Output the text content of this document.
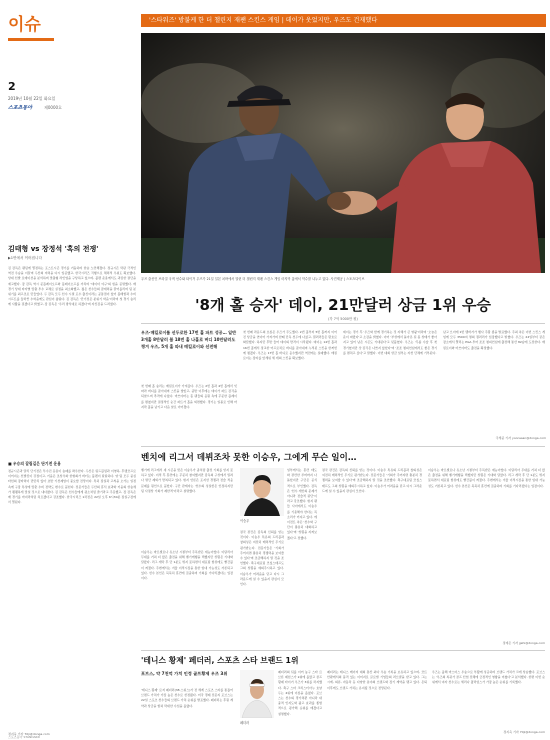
이슈
2
2019년 10월 22일 화요일
스포츠동아	제0000호
'스타워즈' 방불케 한 더 챌린지 재팬 스킨스 게임 | 데이가 웃었지만, 우즈도 건재했다
우즈 출신인 브라질 국적 선수와 타이거 우즈가 21일 일본 치바에서 열린 더 챌린지 재팬 스킨스 게임 마지막 홀에서 악수를 나누고 있다. 사진제공 | 스포츠다이브
김태형 vs 장정석 '혹의 전쟁'
▶1면에서 이어집니다
김 감독은 팬덤에 열정하는 포스트시즌 경기를 거듭하며 한층 노련해졌다. 정규시즌 막판 극적인 역전 우승을 이끌며 두산의 저력을 다시 입증했고, 한국시리즈 직행으로 체력적 우위도 확보했다. 상대 선발 로테이션을 분석하며 맞춤형 라인업을 구상하고 있으며, 불펜 운용에서도 과감한 결단을 예고했다. 장 감독 역시 준플레이오프와 플레이오프를 거치며 '데이터 야구'의 힘을 증명했다. 매 경기 상대 타자별 맞춤 투수 교체로 실점을 최소화했고, 젊은 선수들의 잠재력을 끌어올리며 팀 분위기를 최고조로 만들었다. 두 감독 모두 선수 시절 포수 출신이라는 공통점이 있어 볼배합과 수비 시프트를 둘러싼 수싸움에도 관심이 쏠린다. 김 감독은 '단기전은 분위기 싸움'이라며 첫 경기 승리에 사활을 걸겠다고 밝혔고, 장 감독은 '우리 방식대로 하겠다'며 자신감을 드러냈다.
■ 우승의 갈림길은 단기전 운용
정규시즌과 달리 단기전은 투수진 운용이 승패를 좌우한다. 두산은 린드블럼과 이영하, 후랭코프로 이어지는 선발진이 강점이고, 키움은 조상우와 한현희가 버티는 불펜이 탄탄하다. 양 팀 모두 중심타선의 장타력이 만만치 않아 초반 기선제압이 중요할 전망이다. 특히 잠실과 고척을 오가는 일정 속에 구장 특성에 맞춘 수비 전략도 변수로 꼽힌다. 전문가들은 두산의 휴식 효과와 키움의 상승세가 팽팽하게 맞설 것으로 내다봤다. 김 감독은 선수들에게 평소처럼 즐기라고 주문했고, 장 감독은 매 경기를 마지막처럼 치르겠다고 강조했다. 한국시리즈 1차전은 22일 오후 6시30분 잠실구장에서 열린다.
정지욱 기자 70ji@donga.com
'8개 홀 승자' 데이, 21만달러 상금 1위 우승
(각 7억 5000만 원)
우즈·매킬로이를 선두로한 17번 홀 파트 성공… 일반 3개홀 8만달러 불 18번 홀 나홀로 버디 10만달러도 챙겨 우즈, 5개 홀 따내 매킬로이와 선전해
첫 번째 홀 승리는 매킬로이가 가져갔다. 우즈는 2번 홀과 4번 홀에서 잇따라 버디를 잡아내며 스킨을 쌓았고, 중반 이후에는 데이가 퍼트 감각을 되찾으며 추격에 나섰다. 마쓰야마는 홈 팬들의 응원 속에 꾸준한 플레이를 펼쳤지만 결정적인 순간 퍼트가 홀을 외면했다. 경기는 일몰로 인해 마지막 홀을 남기고 다음 날로 이어졌다.
첫 번째 라운드의 흐름은 우즈가 주도했다. 2번 홀부터 5번 홀까지 이어진 상금을 연이어 가져가며 한때 단독 선두에 나섰고, 갤러리들은 환호로 화답했다. 하지만 후반 들어 데이의 반격이 시작됐다. 데이는 14번 홀과 16번 홀에서 정교한 어프로치로 버디를 잡아내며 누적된 스킨을 한꺼번에 챙겼다. 우즈는 17번 홀 버디로 응수했지만 역전에는 실패했다. 매킬로이는 장타를 앞세워 세 개의 스킨을 확보했다.
데이는 경기 후 '우즈와 함께 경기하는 것 자체가 큰 영광'이라며 '오늘은 운이 따랐다'고 소감을 밝혔다. 이어 '부상에서 돌아온 뒤 몸 상태가 좋아지고 있어 남은 시즌도 기대된다'고 덧붙였다. 우즈는 '무릎 수술 후 첫 경기였지만 샷 감각은 나쁘지 않았다'며 '조조 챔피언십에서도 좋은 경기를 펼치고 싶다'고 말했다. 이번 대회 상금 일부는 자선 단체에 기부된다.
남고 브이에 1번 멤버거가 행사 주황 종을 발표했다. 주최 측은 이번 스킨스 게임에 모두 3500여 명의 갤러리가 입장했다고 밝혔다. 우즈는 24일부터 같은 장소에서 열리는 PGA 투어 조조 챔피언십에 출전해 통산 82승에 도전한다. 매킬로이와 마쓰야마도 출전을 확정했다.
국세중 기자 yoonssan@donga.com
벤치에 리그서 데뷔조차 못한 이승우, 그에게 무슨 일이…
벨기에 리그에서 새 시즌을 맞은 이승우가 좀처럼 출전 기회를 얻지 못하고 있다. 이적 후 훈련에는 꾸준히 참여했지만 감독의 구상에서 밀려나 명단 제외가 반복되고 있다. 현지 언론은 포지션 경쟁과 전술 적응 문제를 원인으로 꼽았다. 구단 관계자는 '선수의 성실함은 인정하지만 팀 사정상 기회가 제한적'이라고 설명했다.
이승우는 바르셀로나 유소년 시절부터 주목받은 재능이었다. 이탈리아 무대를 거쳐 더 많은 출전을 위해 벨기에행을 택했지만 상황은 기대와 달랐다. 리그 개막 후 단 1분도 뛰지 못하면서 대표팀 합류에도 빨간불이 켜졌다. 주변에서는 겨울 이적시장을 통한 임대 가능성도 거론되고 있다. 선수 본인은 묵묵히 훈련에 집중하며 기회를 기다리겠다는 입장이다.
이승우
일부에서는 훈련 태도와 관련한 루머까지 나돌았지만 구단은 공식적으로 부인했다. 감독은 '선수 개인의 문제가 아니라 전술적 판단'이라고 강조했다. 현지 팬들 사이에서도 이승우를 기용해야 한다는 목소리가 커지고 있다. 에이전트 측은 '선수와 구단이 충분히 대화하고 있다'며 '상황을 지켜보겠다'고 전했다.
결국 관건은 감독의 신뢰를 얻는 것이다. 이승우 특유의 드리블과 창의성은 여전히 매력적인 무기로 평가받는다. 전문가들은 '기회가 주어지면 충분히 경쟁력을 보여줄 수 있다'며 조급해하지 말 것을 조언했다. 축구대표팀 코칭스태프도 그의 상황을 예의주시하고 있다. 이승우가 어려움을 딛고 다시 그라운드에 설 수 있을지 관심이 모인다.
결국 관건은 감독의 신뢰를 얻는 것이다. 이승우 특유의 드리블과 창의성은 여전히 매력적인 무기로 평가받는다. 전문가들은 '기회가 주어지면 충분히 경쟁력을 보여줄 수 있다'며 조급해하지 말 것을 조언했다. 축구대표팀 코칭스태프도 그의 상황을 예의주시하고 있다. 이승우가 어려움을 딛고 다시 그라운드에 설 수 있을지 관심이 모인다.
이승우는 바르셀로나 유소년 시절부터 주목받은 재능이었다. 이탈리아 무대를 거쳐 더 많은 출전을 위해 벨기에행을 택했지만 상황은 기대와 달랐다. 리그 개막 후 단 1분도 뛰지 못하면서 대표팀 합류에도 빨간불이 켜졌다. 주변에서는 겨울 이적시장을 통한 임대 가능성도 거론되고 있다. 선수 본인은 묵묵히 훈련에 집중하며 기회를 기다리겠다는 입장이다.
정재은 기자 jjehi@donga.com
'테니스 황제' 페더러, 스포츠 스타 브랜드 1위
포브스, 약 7천억 가치 인정 골프황제 우즈 3위
'테니스 황제' 로저 페더러(38·스위스)가 전 세계 스포츠 스타를 통틀어 브랜드 가치가 가장 높은 선수로 선정됐다. 미국 경제 전문지 포브스는 22일 스포츠 선수들의 브랜드 가치 순위를 발표했다. 페더러는 후원 계약과 상금을 합쳐 막대한 수입을 올렸다.
페더러
페더러의 뒤를 이어 농구 스타 르브론 제임스가 2위에 올랐고 골프 황제 타이거 우즈가 3위를 차지했다. 축구 스타 크리스티아누 호날두는 4위에 이름을 올렸다. 포브스는 선수의 경기력뿐 아니라 대중적 인지도와 광고 효과를 종합적으로 평가해 순위를 매겼다고 설명했다.
페더러는 테니스 메이저 대회 통산 최다 우승 기록을 보유하고 있으며, 코트 안팎에서의 품격 있는 이미지로 글로벌 기업들의 러브콜을 받고 있다. 그는 시계, 의류, 자동차 등 다양한 분야의 브랜드와 장기 계약을 맺고 있다. 은퇴 이후에도 브랜드 가치는 유지될 것으로 전망된다.
우즈는 올해 마스터스 우승으로 부활에 성공하며 브랜드 가치가 크게 상승했다. 포브스는 '우즈의 복귀가 골프 산업 전체에 긍정적인 영향을 미쳤다'고 분석했다. 한편 이번 순위에서 여자 선수로는 세리나 윌리엄스가 가장 높은 순위를 기록했다.
정지욱 기자 70ji@donga.com
스포츠동아 STANDARD
